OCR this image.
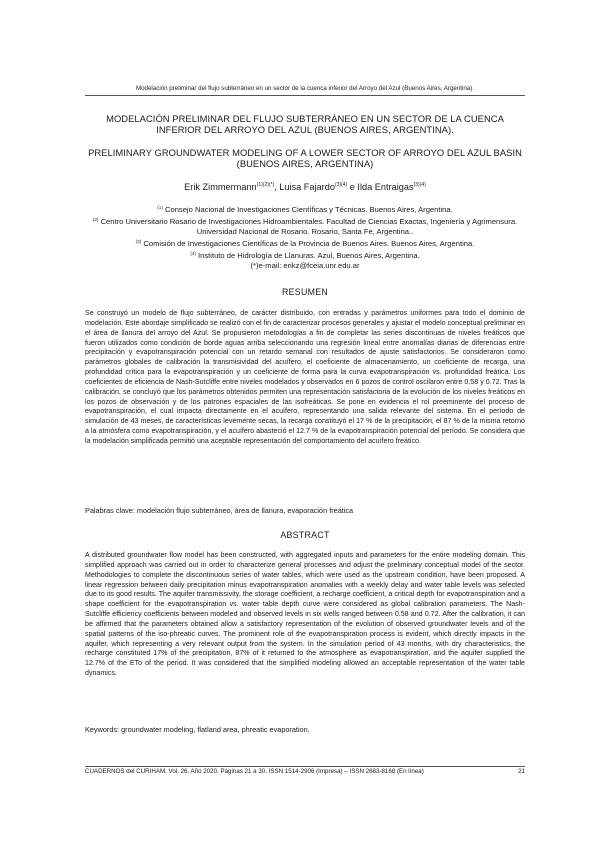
Modelación preliminar del flujo subterráneo en un sector de la cuenca inferior del Arroyo del Azul (Buenos Aires, Argentina).

MODELACIÓN PRELIMINAR DEL FLUJO SUBTERRÁNEO EN UN SECTOR DE LA CUENCA INFERIOR DEL ARROYO DEL AZUL (BUENOS AIRES, ARGENTINA).

PRELIMINARY GROUNDWATER MODELING OF A LOWER SECTOR OF ARROYO DEL AZUL BASIN (BUENOS AIRES, ARGENTINA)

Erik Zimmermann$^{(1)(2)(*)}$, Luisa Fajardo$^{(3)(4)}$ e Ilda Entraigas$^{(3)(4)}$
$^{(1)}$ Consejo Nacional de Investigaciones Científicas y Técnicas. Buenos Aires, Argentina.
$^{(2)}$ Centro Universitario Rosario de Investigaciones Hidroambientales. Facultad de Ciencias Exactas, Ingeniería y Agrimensura. Universidad Nacional de Rosario. Rosario, Santa Fe, Argentina..
$^{(3)}$ Comisión de Investigaciones Científicas de la Provincia de Buenos Aires. Buenos Aires, Argentina.
$^{(4)}$ Instituto de Hidrología de Llanuras. Azul, Buenos Aires, Argentina.
(*)e-mail: erikz@fceia.unr.edu.ar
RESUMEN

Se construyó un modelo de flujo subterráneo, de carácter distribuido, con entradas y parámetros uniformes para todo el dominio de modelación. Este abordaje simplificado se realizó con el fin de caracterizar procesos generales y ajustar el modelo conceptual preliminar en el área de llanura del arroyo del Azul. Se propusieron metodologías a fin de completar las series discontinuas de niveles freáticos que fueron utilizados como condición de borde aguas arriba seleccionando una regresión lineal entre anomalías diarias de diferencias entre precipitación y evapotranspiración potencial con un retardo semanal con resultados de ajuste satisfactorios. Se consideraron como parámetros globales de calibración la transmisividad del acuífero, el coeficiente de almacenamiento, un coeficiente de recarga, una profundidad crítica para la evapotranspiración y un coeficiente de forma para la curva evapotranspiración vs. profundidad freática. Los coeficientes de eficiencia de Nash-Sutcliffe entre niveles modelados y observados en 6 pozos de control oscilaron entre 0.58 y 0.72. Tras la calibración, se concluyó que los parámetros obtenidos permiten una representación satisfactoria de la evolución de los niveles freáticos en los pozos de observación y de los patrones espaciales de las isofreáticas. Se pone en evidencia el rol preeminente del proceso de evapotranspiración, el cual impacta directamente en el acuífero, representando una salida relevante del sistema. En el período de simulación de 43 meses, de características levemente secas, la recarga constituyó el 17 % de la precipitación, el 87 % de la misma retornó a la atmósfera como evapotranspiración, y el acuífero abasteció el 12.7 % de la evapotranspiración potencial del período. Se considera que la modelación simplificada permitió una aceptable representación del comportamiento del acuífero freático.

Palabras clave: modelación flujo subterráneo, área de llanura, evaporación freática
ABSTRACT

A distributed groundwater flow model has been constructed, with aggregated inputs and parameters for the entire modeling domain. This simplified approach was carried out in order to characterize general processes and adjust the preliminary conceptual model of the sector. Methodologies to complete the discontinuous series of water tables, which were used as the upstream condition, have been proposed. A linear regression between daily precipitation minus evapotranspiration anomalies with a weekly delay and water table levels was selected due to its good results. The aquifer transmissivity, the storage coefficient, a recharge coefficient, a critical depth for evapotranspiration and a shape coefficient for the evapotranspiration vs. water table depth curve were considered as global calibration parameters. The Nash-Sutcliffe efficiency coefficients between modeled and observed levels in six wells ranged between 0.58 and 0.72. After the calibration, it can be affirmed that the parameters obtained allow a satisfactory representation of the evolution of observed groundwater levels and of the spatial patterns of the iso-phreatic curves. The prominent role of the evapotranspiration process is evident, which directly impacts in the aquifer, which representing a very relevant output from the system. In the simulation period of 43 months, with dry characteristics, the recharge constituted 17% of the precipitation, 87% of it returned to the atmosphere as evapotranspiration, and the aquifer supplied the 12.7% of the ETo of the period. It was considered that the simplified modeling allowed an acceptable representation of the water table dynamics.

Keywords: groundwater modeling, flatland area, phreatic evaporation.
CUADERNOS del CURIHAM. Vol. 26. Año 2020. Páginas 21 a 30. ISSN 1514-2906 (Impresa) – ISSN 2683-8168 (En línea)	21
